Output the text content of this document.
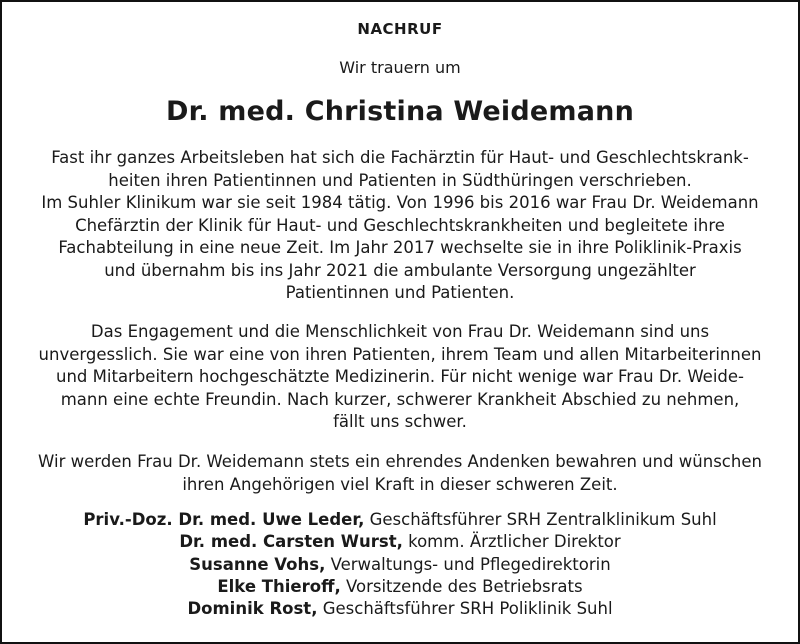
NACHRUF
Wir trauern um
Dr. med. Christina Weidemann
Fast ihr ganzes Arbeitsleben hat sich die Fachärztin für Haut- und Geschlechtskrank-
heiten ihren Patientinnen und Patienten in Südthüringen verschrieben.
Im Suhler Klinikum war sie seit 1984 tätig. Von 1996 bis 2016 war Frau Dr. Weidemann
Chefärztin der Klinik für Haut- und Geschlechtskrankheiten und begleitete ihre
Fachabteilung in eine neue Zeit. Im Jahr 2017 wechselte sie in ihre Poliklinik-Praxis
und übernahm bis ins Jahr 2021 die ambulante Versorgung ungezählter
Patientinnen und Patienten.
Das Engagement und die Menschlichkeit von Frau Dr. Weidemann sind uns
unvergesslich. Sie war eine von ihren Patienten, ihrem Team und allen Mitarbeiterinnen
und Mitarbeitern hochgeschätzte Medizinerin. Für nicht wenige war Frau Dr. Weide-
mann eine echte Freundin. Nach kurzer, schwerer Krankheit Abschied zu nehmen,
fällt uns schwer.
Wir werden Frau Dr. Weidemann stets ein ehrendes Andenken bewahren und wünschen
ihren Angehörigen viel Kraft in dieser schweren Zeit.
Priv.-Doz. Dr. med. Uwe Leder, Geschäftsführer SRH Zentralklinikum Suhl
Dr. med. Carsten Wurst, komm. Ärztlicher Direktor
Susanne Vohs, Verwaltungs- und Pflegedirektorin
Elke Thieroff, Vorsitzende des Betriebsrats
Dominik Rost, Geschäftsführer SRH Poliklinik Suhl
